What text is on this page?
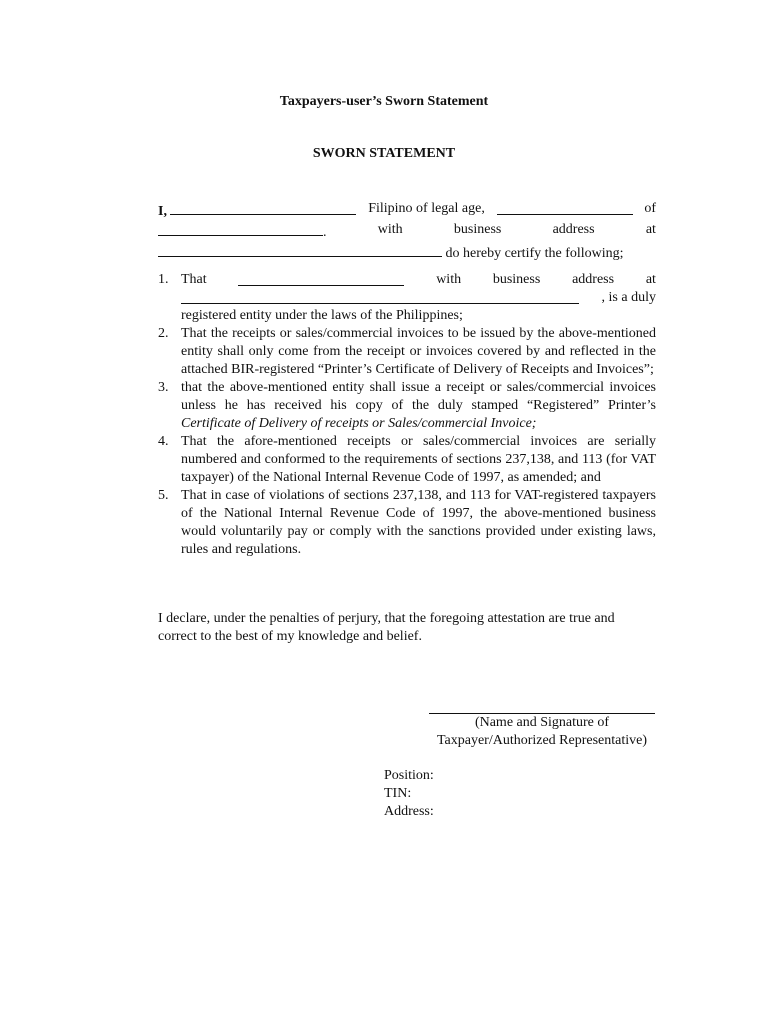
Taxpayers-user’s Sworn Statement
SWORN STATEMENT
I,	Filipino of legal age,	of
.	with	business	address	at
do hereby certify the following;
1. That	with business address at
, is a duly
registered entity under the laws of the Philippines;
2. That the receipts or sales/commercial invoices to be issued by the above-mentioned entity shall only come from the receipt or invoices covered by and reflected in the attached BIR-registered “Printer’s Certificate of Delivery of Receipts and Invoices”;
3. that the above-mentioned entity shall issue a receipt or sales/commercial invoices unless he has received his copy of the duly stamped “Registered” Printer’s Certificate of Delivery of receipts or Sales/commercial Invoice;
4. That the afore-mentioned receipts or sales/commercial invoices are serially numbered and conformed to the requirements of sections 237,138, and 113 (for VAT taxpayer) of the National Internal Revenue Code of 1997, as amended; and
5. That in case of violations of sections 237,138, and 113 for VAT-registered taxpayers of the National Internal Revenue Code of 1997, the above-mentioned business would voluntarily pay or comply with the sanctions provided under existing laws, rules and regulations.
I declare, under the penalties of perjury, that the foregoing attestation are true and correct to the best of my knowledge and belief.
(Name and Signature of
Taxpayer/Authorized Representative)
Position:
TIN:
Address:
